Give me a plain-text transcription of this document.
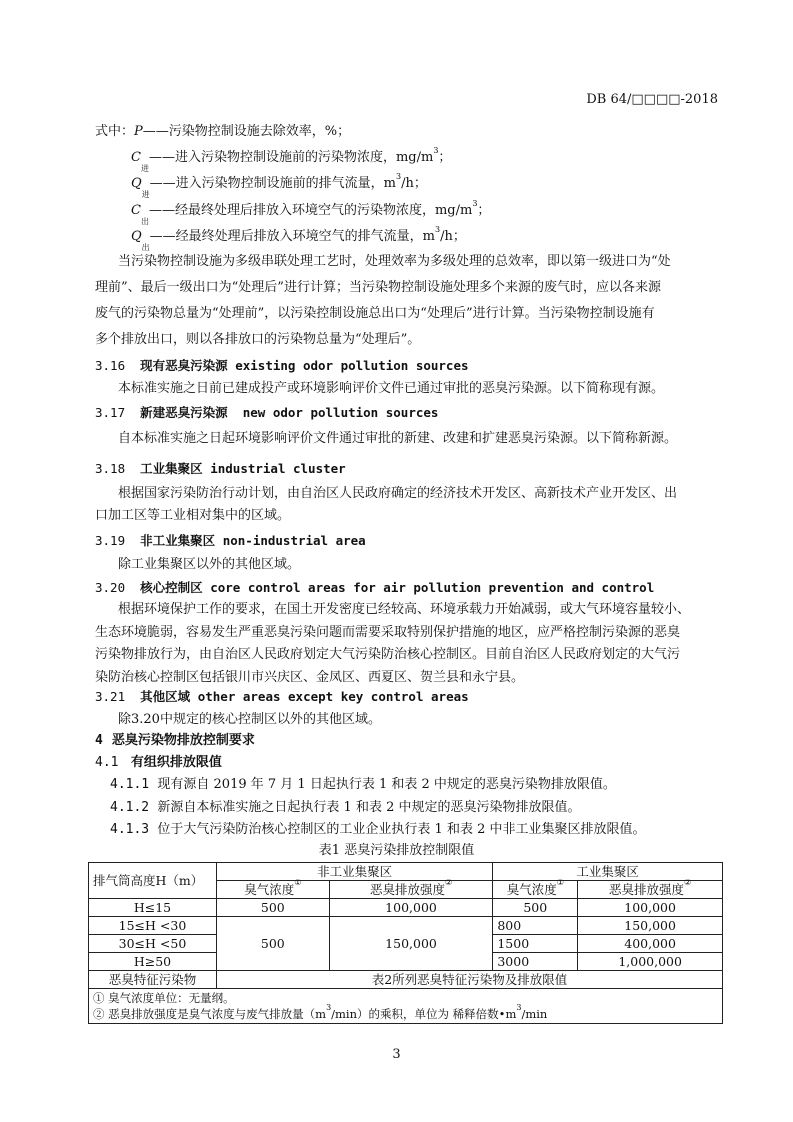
DB 64/□□□□-2018
式中：P——污染物控制设施去除效率，%；
$C_进——$进入污染物控制设施前的污染物浓度，$mg/m^3$；
$Q_进——$进入污染物控制设施前的排气流量，$m^3/h$；
$C_出——$经最终处理后排放入环境空气的污染物浓度，$mg/m^3$；
$Q_出——$经最终处理后排放入环境空气的排气流量，$m^3/h$；
当污染物控制设施为多级串联处理工艺时，处理效率为多级处理的总效率，即以第一级进口为“处
理前”、最后一级出口为“处理后”进行计算；当污染物控制设施处理多个来源的废气时，应以各来源
废气的污染物总量为“处理前”，以污染控制设施总出口为“处理后”进行计算。当污染物控制设施有
多个排放出口，则以各排放口的污染物总量为“处理后”。
3.16 现有恶臭污染源 existing odor pollution sources
本标准实施之日前已建成投产或环境影响评价文件已通过审批的恶臭污染源。以下简称现有源。
3.17 新建恶臭污染源 new odor pollution sources
自本标准实施之日起环境影响评价文件通过审批的新建、改建和扩建恶臭污染源。以下简称新源。
3.18 工业集聚区 industrial cluster
根据国家污染防治行动计划，由自治区人民政府确定的经济技术开发区、高新技术产业开发区、出
口加工区等工业相对集中的区域。
3.19 非工业集聚区 non-industrial area
除工业集聚区以外的其他区域。
3.20 核心控制区 core control areas for air pollution prevention and control
根据环境保护工作的要求，在国土开发密度已经较高、环境承载力开始减弱，或大气环境容量较小、
生态环境脆弱，容易发生严重恶臭污染问题而需要采取特别保护措施的地区，应严格控制污染源的恶臭
污染物排放行为，由自治区人民政府划定大气污染防治核心控制区。目前自治区人民政府划定的大气污
染防治核心控制区包括银川市兴庆区、金凤区、西夏区、贺兰县和永宁县。
3.21 其他区域 other areas except key control areas
除3.20中规定的核心控制区以外的其他区域。
4 恶臭污染物排放控制要求
4.1 有组织排放限值
4.1.1 现有源自 2019 年 7 月 1 日起执行表 1 和表 2 中规定的恶臭污染物排放限值。
4.1.2 新源自本标准实施之日起执行表 1 和表 2 中规定的恶臭污染物排放限值。
4.1.3 位于大气污染防治核心控制区的工业企业执行表 1 和表 2 中非工业集聚区排放限值。
表1 恶臭污染排放控制限值
排气筒高度H（m）	非工业集聚区		工业集聚区	
	臭气浓度①	恶臭排放强度②	臭气浓度①	恶臭排放强度②
H≤15	500	100,000	500	100,000
15≤H <30	500	150,000	800	150,000
30≤H <50			1500	400,000
H≥50			3000	1,000,000
恶臭特征污染物	表2所列恶臭特征污染物及排放限值			

① 臭气浓度单位：无量纲。
② 恶臭排放强度是臭气浓度与废气排放量$(m^3/\min)$的乘积，单位为 稀释倍数$•m^3/\min$				
3
